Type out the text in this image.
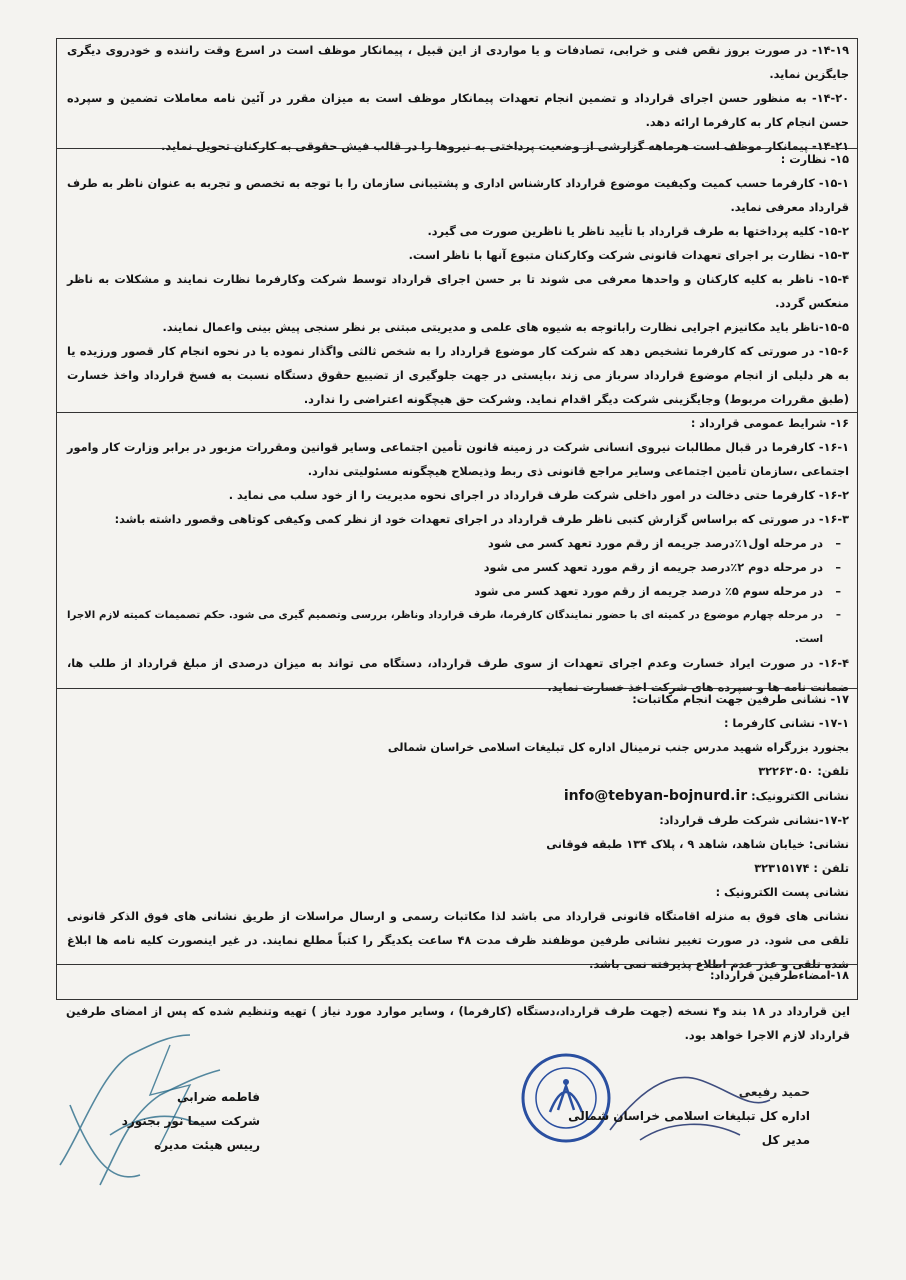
۱۴-۱۹- در صورت بروز نقص فنی و خرابی، تصادفات و یا مواردی از این قبیل ، پیمانکار موظف است در اسرع وقت راننده و خودروی دیگری جایگزین نماید.

۱۴-۲۰- به منظور حسن اجرای قرارداد و تضمین انجام تعهدات پیمانکار موظف است به میزان مقرر در آئین نامه معاملات تضمین و سپرده حسن انجام کار به کارفرما ارائه دهد.

۱۴-۲۱- پیمانکار موظف است هرماهه گزارشی از وضعیت پرداختی به نیروها را در قالب فیش حقوقی به کارکنان تحویل نماید.

۱۵- نظارت :

۱۵-۱- کارفرما حسب کمیت وکیفیت موضوع قرارداد کارشناس اداری و پشتیبانی سازمان را با توجه به تخصص و تجربه به عنوان ناظر به طرف قرارداد معرفی نماید.

۱۵-۲- کلیه پرداختها به طرف قرارداد با تأیید ناظر یا ناظرین صورت می گیرد.

۱۵-۳- نظارت بر اجرای تعهدات قانونی شرکت وکارکنان متبوع آنها با ناظر است.

۱۵-۴- ناظر به کلیه کارکنان و واحدها معرفی می شوند تا بر حسن اجرای قرارداد توسط شرکت وکارفرما نظارت نمایند و مشکلات به ناظر منعکس گردد.

۱۵-۵-ناظر باید مکانیزم اجرایی نظارت راباتوجه به شیوه های علمی و مدیریتی مبتنی بر نظر سنجی پیش بینی واعمال نمایند.

۱۵-۶- در صورتی که کارفرما تشخیص دهد که شرکت کار موضوع قرارداد را به شخص ثالثی واگذار نموده یا در نحوه انجام کار قصور ورزیده یا به هر دلیلی از انجام موضوع قرارداد سرباز می زند ،بایستی در جهت جلوگیری از تضییع حقوق دستگاه نسبت به فسخ قرارداد واخذ خسارت (طبق مقررات مربوط) وجایگزینی شرکت دیگر اقدام نماید. وشرکت حق هیچگونه اعتراضی را ندارد.

۱۶- شرایط عمومی قرارداد :

۱۶-۱- کارفرما در قبال مطالبات نیروی انسانی شرکت در زمینه قانون تأمین اجتماعی وسایر قوانین ومقررات مزبور در برابر وزارت کار وامور اجتماعی ،سازمان تأمین اجتماعی وسایر مراجع قانونی ذی ربط وذیصلاح هیچگونه مسئولیتی ندارد.

۱۶-۲- کارفرما حتی دخالت در امور داخلی شرکت طرف قرارداد در اجرای نحوه مدیریت را از خود سلب می نماید .

۱۶-۳- در صورتی که براساس گزارش کتبی ناظر طرف قرارداد در اجرای تعهدات خود از نظر کمی وکیفی کوتاهی وقصور داشته باشد:

– در مرحله اول۱٪درصد جریمه از رقم مورد تعهد کسر می شود

– در مرحله دوم ۲٪درصد جریمه از رقم مورد تعهد کسر می شود

– در مرحله سوم ۵٪ درصد جریمه از رقم مورد تعهد کسر می شود

– در مرحله چهارم موضوع در کمیته ای با حضور نمایندگان کارفرما، طرف قرارداد وناظر، بررسی وتصمیم گیری می شود. حکم تصمیمات کمیته لازم الاجرا است.

۱۶-۴- در صورت ایراد خسارت وعدم اجرای تعهدات از سوی طرف قرارداد، دستگاه می تواند به میزان درصدی از مبلغ قرارداد از طلب ها، ضمانت نامه ها و سپرده های شرکت اخذ خسارت نماید.

۱۷- نشانی طرفین جهت انجام مکاتبات:

۱۷-۱- نشانی کارفرما :

بجنورد بزرگراه شهید مدرس جنب ترمینال اداره کل تبلیغات اسلامی خراسان شمالی

تلفن: ۳۲۲۶۳۰۵۰

نشانی الکترونیک: info@tebyan-bojnurd.ir

۱۷-۲-نشانی شرکت طرف قرارداد:

نشانی: خیابان شاهد، شاهد ۹ ، پلاک ۱۳۴ طبقه فوقانی

تلفن : ۳۲۳۱۵۱۷۴

نشانی پست الکترونیک :

نشانی های فوق به منزله اقامتگاه قانونی قرارداد می باشد لذا مکاتبات رسمی و ارسال مراسلات از طریق نشانی های فوق الذکر قانونی تلقی می شود. در صورت تغییر نشانی طرفین موظفند ظرف مدت ۴۸ ساعت یکدیگر را کتباً مطلع نمایند. در غیر اینصورت کلیه نامه ها ابلاغ شده تلقی و عذر عدم اطلاع پذیرفته نمی باشد.

۱۸-امضاءطرفین قرارداد:

این قرارداد در ۱۸ بند و۴ نسخه (جهت طرف قرارداد،دستگاه (کارفرما) ، وسایر موارد مورد نیاز ) تهیه وتنظیم شده که پس از امضای طرفین قرارداد لازم الاجرا خواهد بود.

حمید رفیعی
اداره کل تبلیغات اسلامی خراسان شمالی
مدیر کل
فاطمه ضرابی
شرکت سیما نور بجنورد
رییس هیئت مدیره
